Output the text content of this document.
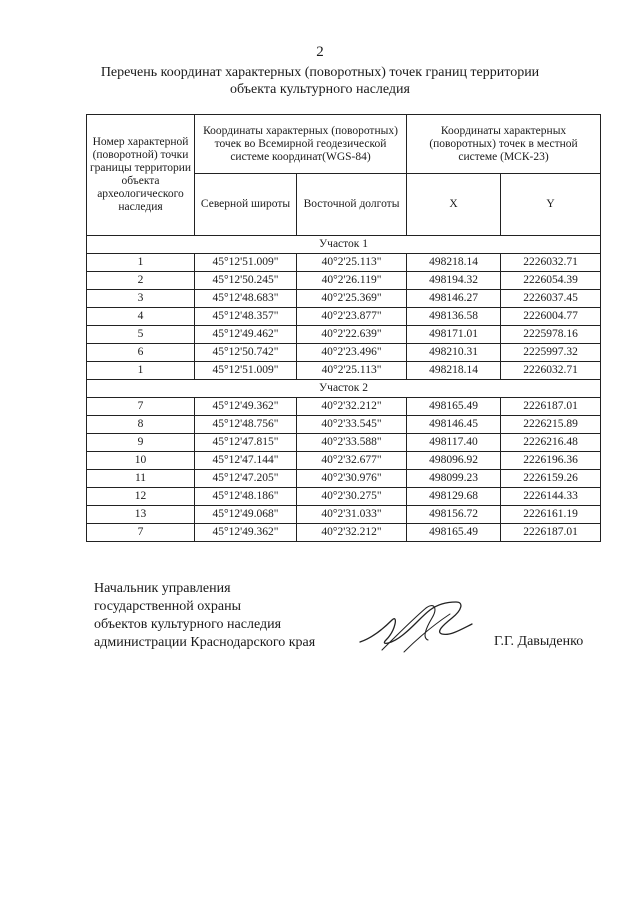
2
Перечень координат характерных (поворотных) точек границ территории
объекта культурного наследия
Номер характерной (поворотной) точки границы территории объекта археологического наследия	Координаты характерных (поворотных) точек во Всемирной геодезической системе координат(WGS-84)		Координаты характерных (поворотных) точек в местной системе (МСК-23)	
	Северной широты	Восточной долготы	X	Y
Участок 1				
1	45°12'51.009"	40°2'25.113"	498218.14	2226032.71
2	45°12'50.245"	40°2'26.119"	498194.32	2226054.39
3	45°12'48.683"	40°2'25.369"	498146.27	2226037.45
4	45°12'48.357"	40°2'23.877"	498136.58	2226004.77
5	45°12'49.462"	40°2'22.639"	498171.01	2225978.16
6	45°12'50.742"	40°2'23.496"	498210.31	2225997.32
1	45°12'51.009"	40°2'25.113"	498218.14	2226032.71
Участок 2				
7	45°12'49.362"	40°2'32.212"	498165.49	2226187.01
8	45°12'48.756"	40°2'33.545"	498146.45	2226215.89
9	45°12'47.815"	40°2'33.588"	498117.40	2226216.48
10	45°12'47.144"	40°2'32.677"	498096.92	2226196.36
11	45°12'47.205"	40°2'30.976"	498099.23	2226159.26
12	45°12'48.186"	40°2'30.275"	498129.68	2226144.33
13	45°12'49.068"	40°2'31.033"	498156.72	2226161.19
7	45°12'49.362"	40°2'32.212"	498165.49	2226187.01
Начальник управления
государственной охраны
объектов культурного наследия
администрации Краснодарского края	Г.Г. Давыденко
